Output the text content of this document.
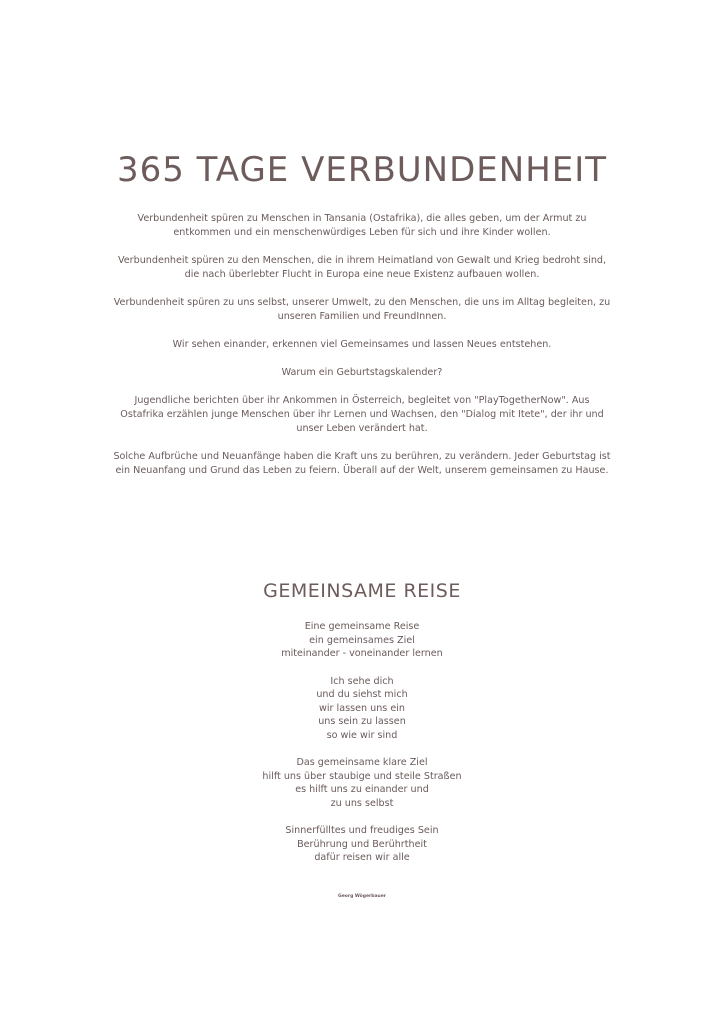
365 TAGE VERBUNDENHEIT

Verbundenheit spüren zu Menschen in Tansania (Ostafrika), die alles geben, um der Armut zu entkommen und ein menschenwürdiges Leben für sich und ihre Kinder wollen.

Verbundenheit spüren zu den Menschen, die in ihrem Heimatland von Gewalt und Krieg bedroht sind, die nach überlebter Flucht in Europa eine neue Existenz aufbauen wollen.

Verbundenheit spüren zu uns selbst, unserer Umwelt, zu den Menschen, die uns im Alltag begleiten, zu unseren Familien und FreundInnen.

Wir sehen einander, erkennen viel Gemeinsames und lassen Neues entstehen.

Warum ein Geburtstagskalender?

Jugendliche berichten über ihr Ankommen in Österreich, begleitet von "PlayTogetherNow". Aus Ostafrika erzählen junge Menschen über ihr Lernen und Wachsen, den "Dialog mit Itete", der ihr und unser Leben verändert hat.

Solche Aufbrüche und Neuanfänge haben die Kraft uns zu berühren, zu verändern. Jeder Geburtstag ist ein Neuanfang und Grund das Leben zu feiern. Überall auf der Welt, unserem gemeinsamen zu Hause.

GEMEINSAME REISE
Eine gemeinsame Reise
ein gemeinsames Ziel
miteinander - voneinander lernen
Ich sehe dich
und du siehst mich
wir lassen uns ein
uns sein zu lassen
so wie wir sind
Das gemeinsame klare Ziel
hilft uns über staubige und steile Straßen
es hilft uns zu einander und
zu uns selbst
Sinnerfülltes und freudiges Sein
Berührung und Berührtheit
dafür reisen wir alle
Georg Wögerbauer
